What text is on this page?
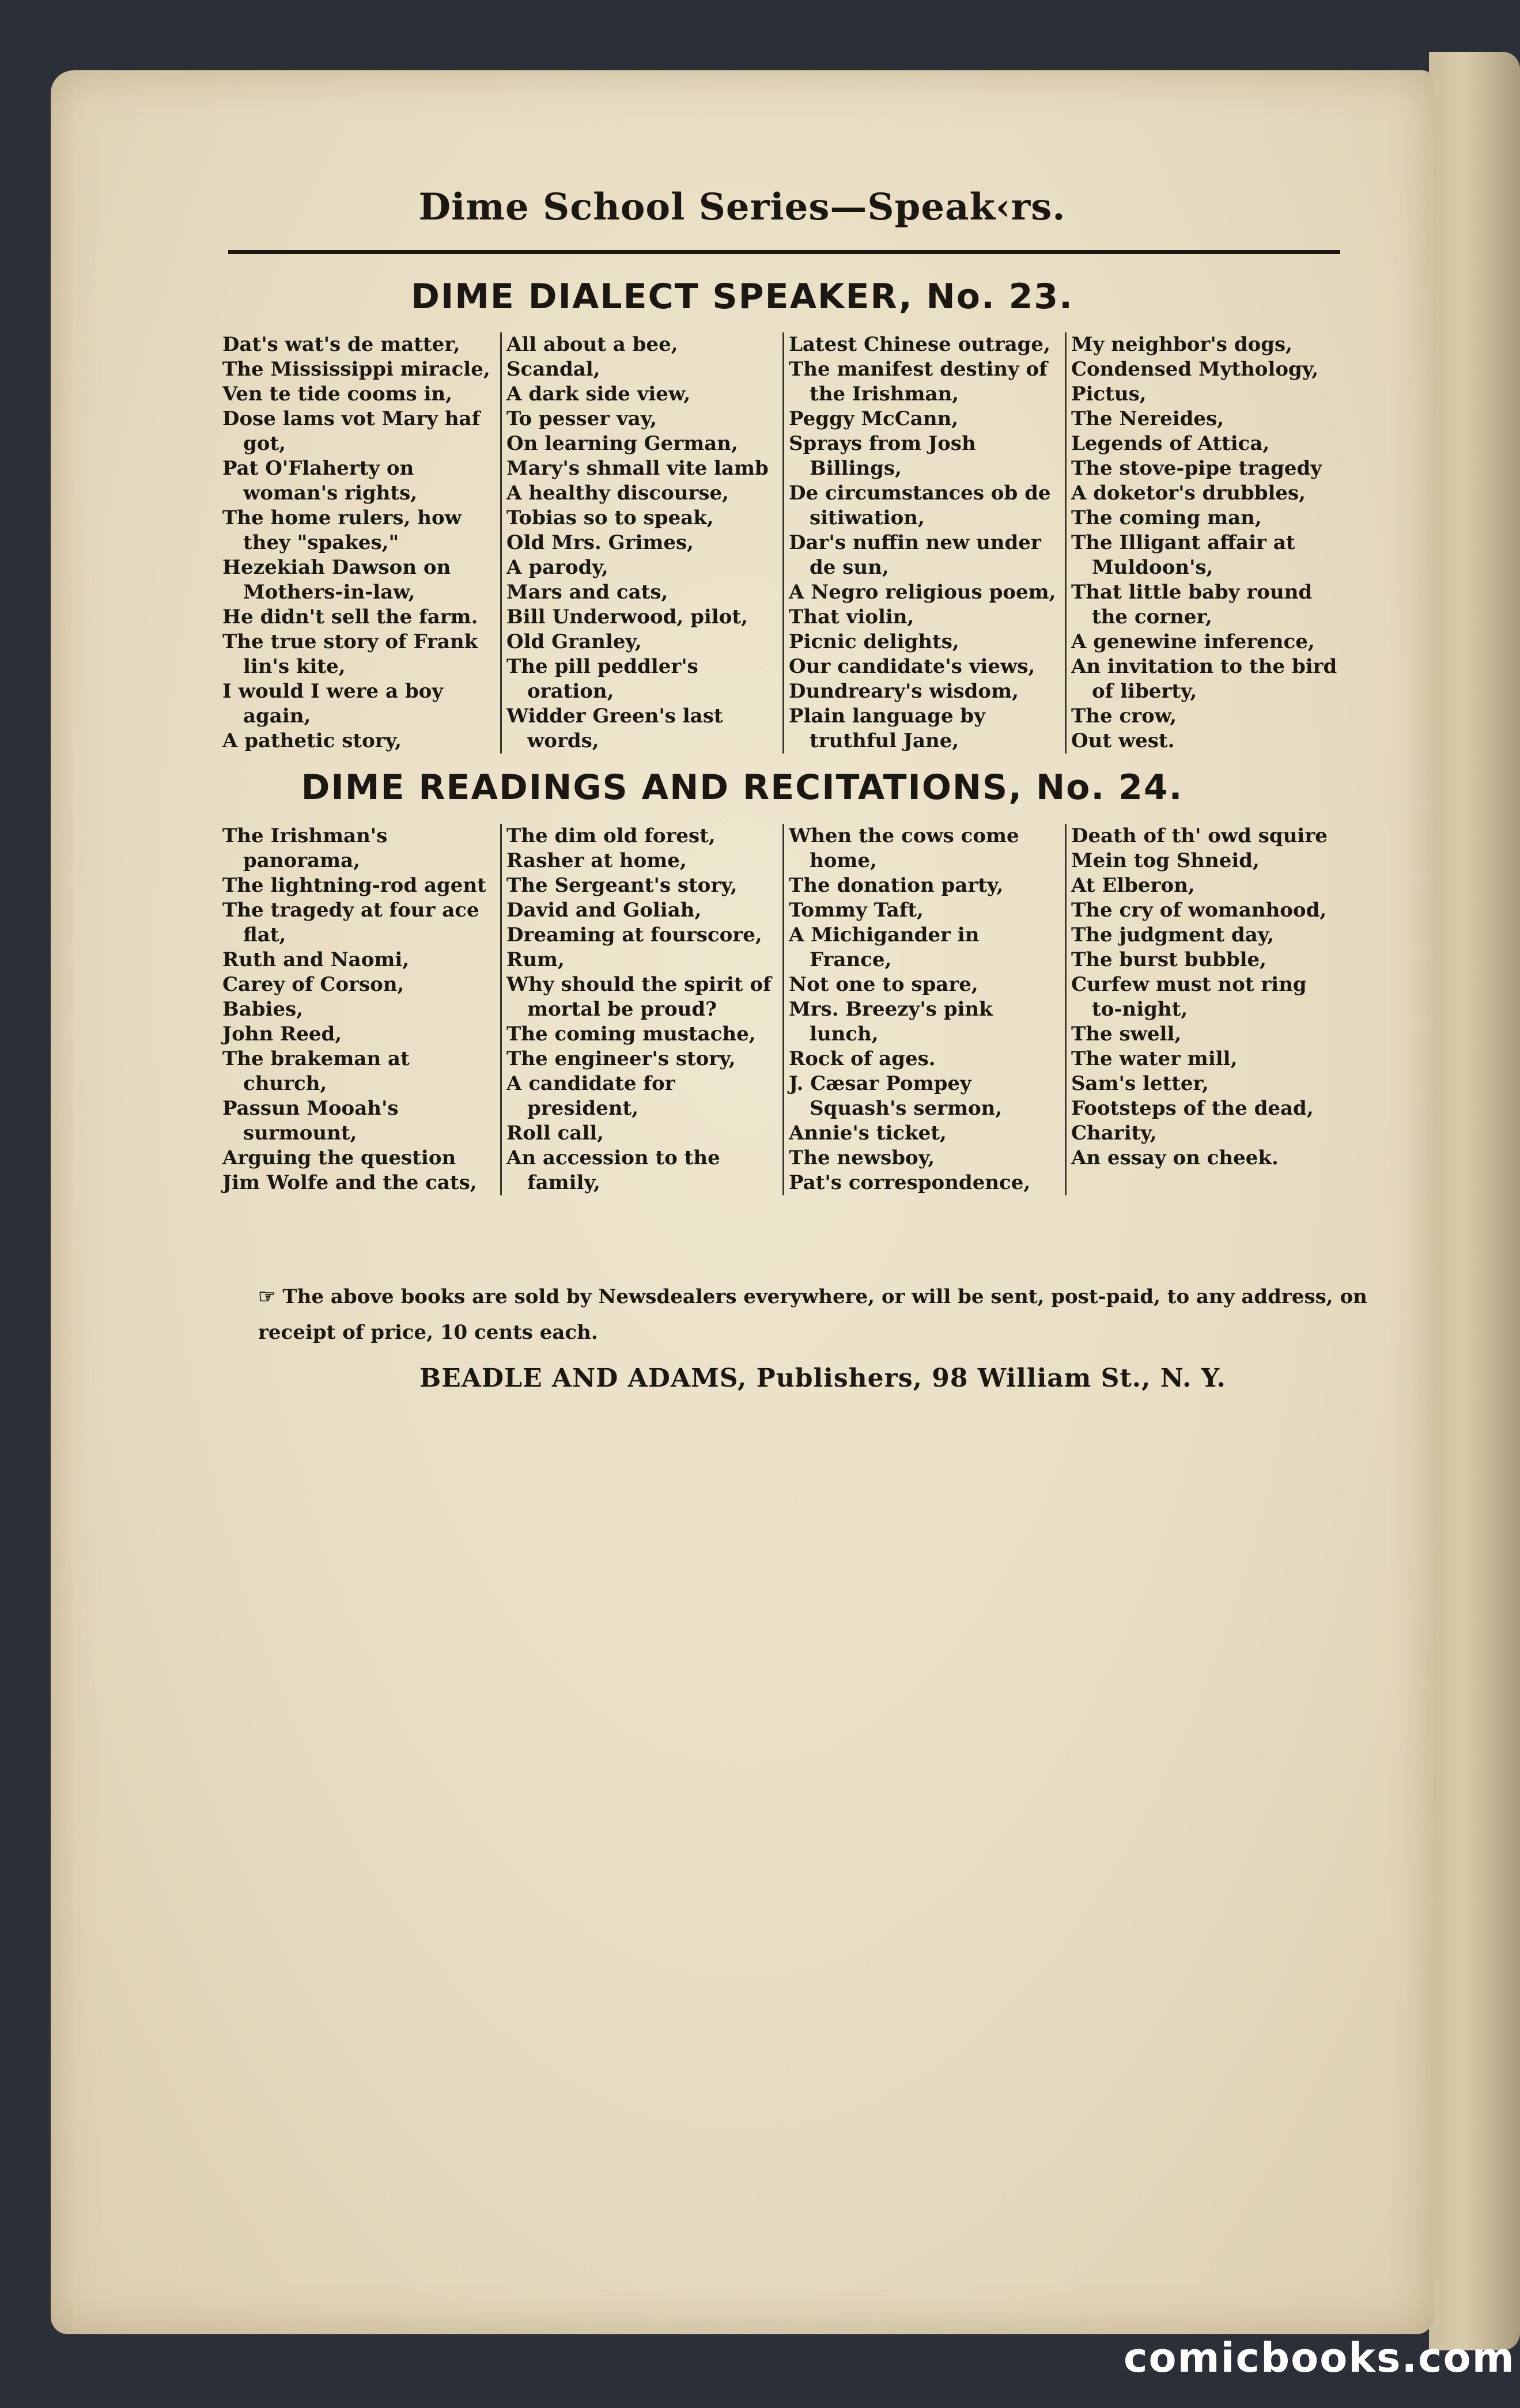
Dime School Series—Speak‹rs.
DIME DIALECT SPEAKER, No. 23.
Dat's wat's de matter,
The Mississippi miracle,
Ven te tide cooms in,
Dose lams vot Mary haf got,
Pat O'Flaherty on woman's rights,
The home rulers, how they "spakes,"
Hezekiah Dawson on Mothers-in-law,
He didn't sell the farm.
The true story of Frank lin's kite,
I would I were a boy again,
A pathetic story,
All about a bee,
Scandal,
A dark side view,
To pesser vay,
On learning German,
Mary's shmall vite lamb
A healthy discourse,
Tobias so to speak,
Old Mrs. Grimes,
A parody,
Mars and cats,
Bill Underwood, pilot,
Old Granley,
The pill peddler's oration,
Widder Green's last words,
Latest Chinese outrage,
The manifest destiny of the Irishman,
Peggy McCann,
Sprays from Josh Billings,
De circumstances ob de sitiwation,
Dar's nuffin new under de sun,
A Negro religious poem,
That violin,
Picnic delights,
Our candidate's views,
Dundreary's wisdom,
Plain language by truthful Jane,
My neighbor's dogs,
Condensed Mythology,
Pictus,
The Nereides,
Legends of Attica,
The stove-pipe tragedy
A doketor's drubbles,
The coming man,
The Illigant affair at Muldoon's,
That little baby round the corner,
A genewine inference,
An invitation to the bird of liberty,
The crow,
Out west.
DIME READINGS AND RECITATIONS, No. 24.
The Irishman's panorama,
The lightning-rod agent
The tragedy at four ace flat,
Ruth and Naomi,
Carey of Corson,
Babies,
John Reed,
The brakeman at church,
Passun Mooah's surmount,
Arguing the question
Jim Wolfe and the cats,
The dim old forest,
Rasher at home,
The Sergeant's story,
David and Goliah,
Dreaming at fourscore,
Rum,
Why should the spirit of mortal be proud?
The coming mustache,
The engineer's story,
A candidate for president,
Roll call,
An accession to the family,
When the cows come home,
The donation party,
Tommy Taft,
A Michigander in France,
Not one to spare,
Mrs. Breezy's pink lunch,
Rock of ages.
J. Cæsar Pompey Squash's sermon,
Annie's ticket,
The newsboy,
Pat's correspondence,
Death of th' owd squire
Mein tog Shneid,
At Elberon,
The cry of womanhood,
The judgment day,
The burst bubble,
Curfew must not ring to-night,
The swell,
The water mill,
Sam's letter,
Footsteps of the dead,
Charity,
An essay on cheek.
☞ The above books are sold by Newsdealers everywhere, or will be sent, post-paid, to any address, on receipt of price, 10 cents each.
BEADLE AND ADAMS, Publishers, 98 William St., N. Y.
comicbooks.com
